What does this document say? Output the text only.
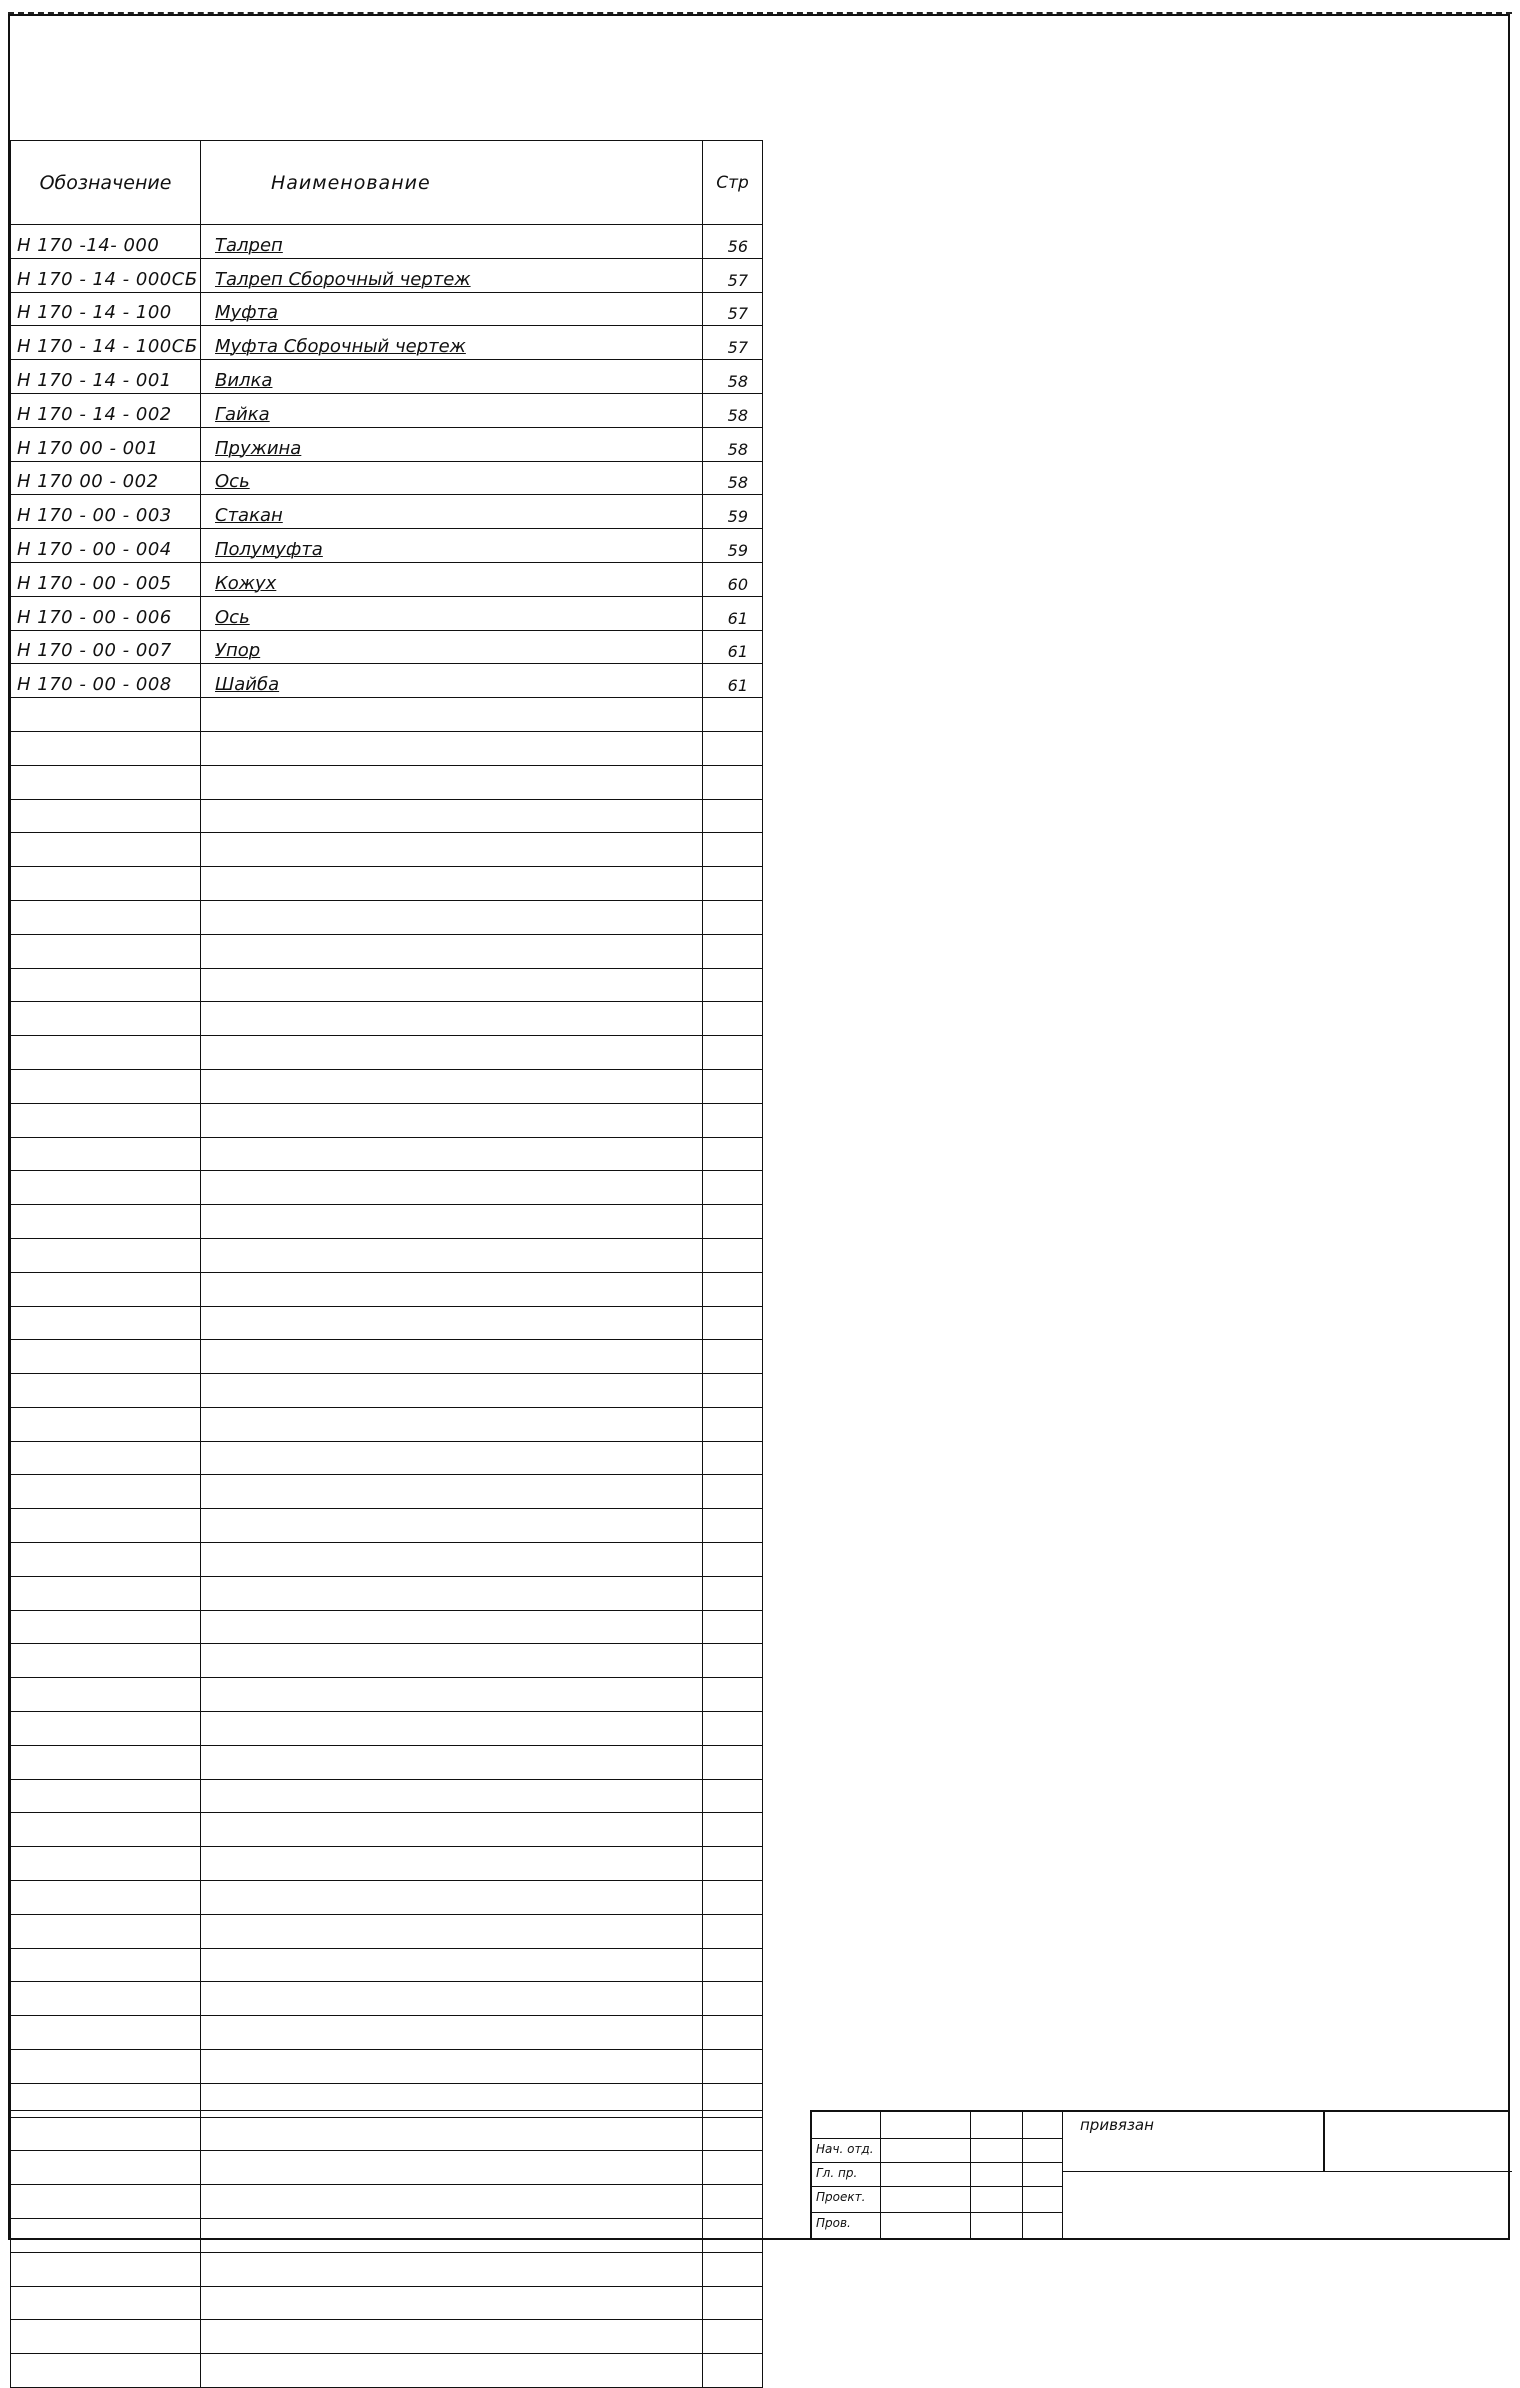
Обозначение	Наименование	Стр
Н 170 -14- 000	Талреп	56
Н 170 - 14 - 000СБ	Талреп Сборочный чертеж	57
Н 170 - 14 - 100	Муфта	57
Н 170 - 14 - 100СБ	Муфта Сборочный чертеж	57
Н 170 - 14 - 001	Вилка	58
Н 170 - 14 - 002	Гайка	58
Н 170 00 - 001	Пружина	58
Н 170 00 - 002	Ось	58
Н 170 - 00 - 003	Стакан	59
Н 170 - 00 - 004	Полумуфта	59
Н 170 - 00 - 005	Кожух	60
Н 170 - 00 - 006	Ось	61
Н 170 - 00 - 007	Упор	61
Н 170 - 00 - 008	Шайба	61

Нач. отд.
Гл. пр.
Проект.
Пров.
привязан
